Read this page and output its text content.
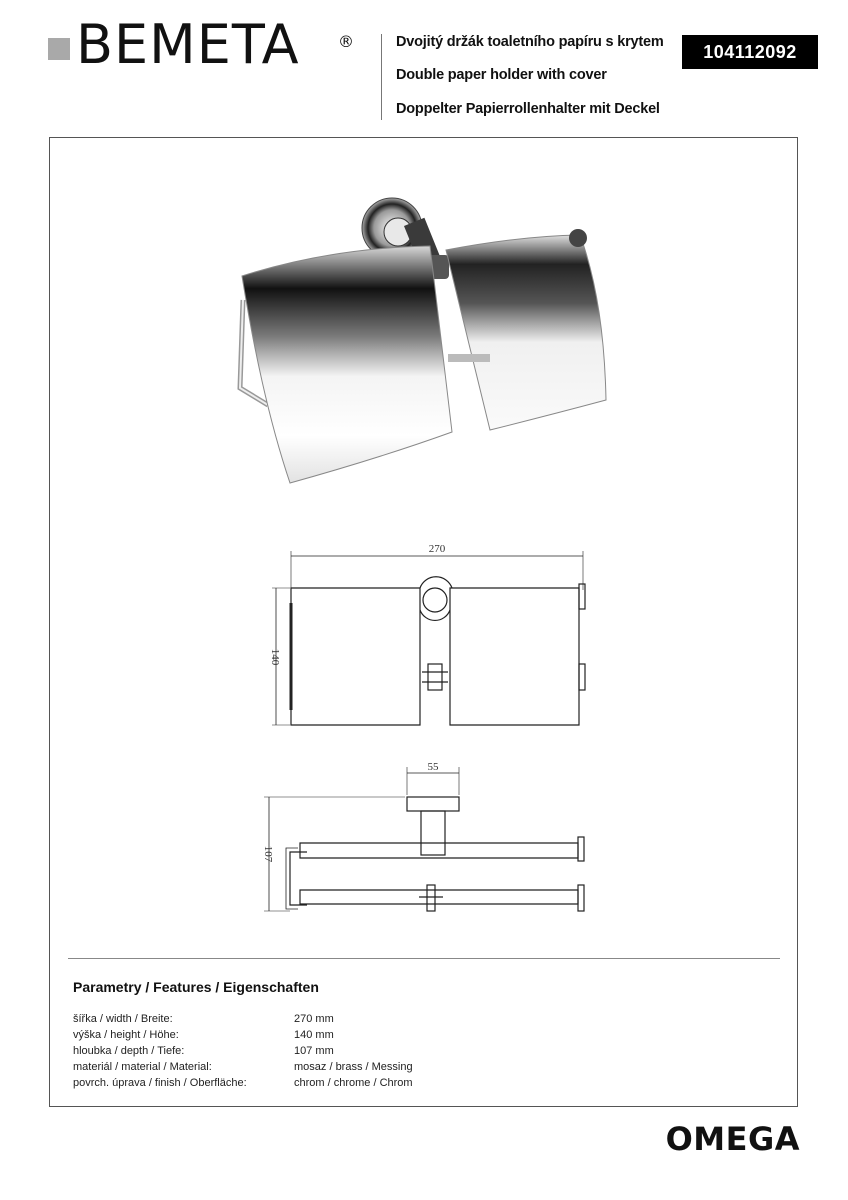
BEMETA ®	Dvojitý držák toaletního papíru s krytem
Double paper holder with cover
Doppelter Papierrollenhalter mit Deckel
104112092
270
140
55
107
Parametry / Features / Eigenschaften
šířka / width / Breite:	270 mm
výška / height / Höhe:	140 mm
hloubka / depth / Tiefe:	107 mm
materiál / material / Material:	mosaz / brass / Messing
povrch. úprava / finish / Oberfläche:	chrom / chrome / Chrom
OMEGA
